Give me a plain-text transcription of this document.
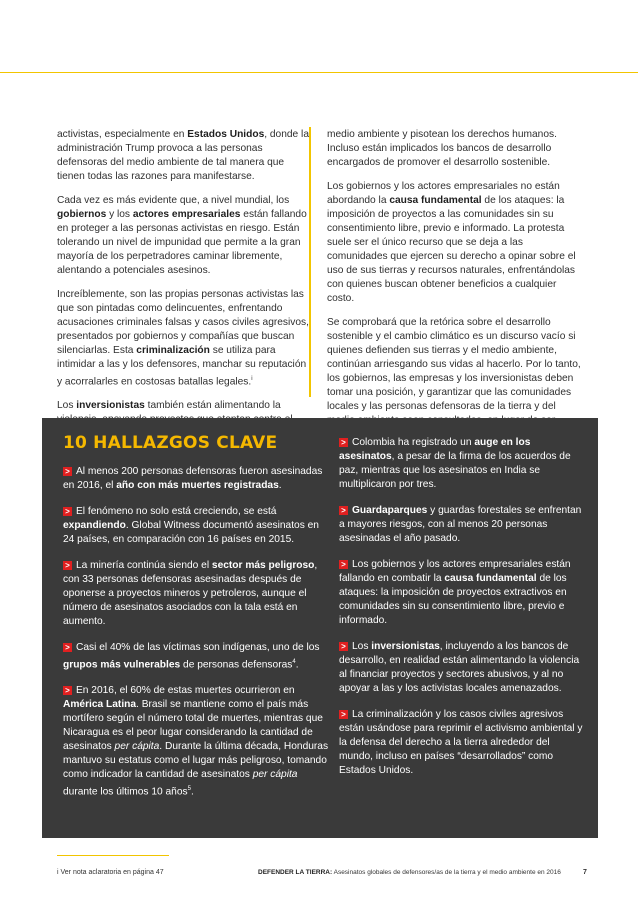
activistas, especialmente en Estados Unidos, donde la administración Trump provoca a las personas defensoras del medio ambiente de tal manera que tienen todas las razones para manifestarse.

Cada vez es más evidente que, a nivel mundial, los gobiernos y los actores empresariales están fallando en proteger a las personas activistas en riesgo. Están tolerando un nivel de impunidad que permite a la gran mayoría de los perpetradores caminar libremente, alentando a potenciales asesinos.

Increíblemente, son las propias personas activistas las que son pintadas como delincuentes, enfrentando acusaciones criminales falsas y casos civiles agresivos, presentados por gobiernos y compañías que buscan silenciarlas. Esta criminalización se utiliza para intimidar a las y los defensores, manchar su reputación y acorralarles en costosas batallas legales.$^i$

Los inversionistas también están alimentando la

medio ambiente y pisotean los derechos humanos. Incluso están implicados los bancos de desarrollo encargados de promover el desarrollo sostenible.

Los gobiernos y los actores empresariales no están abordando la causa fundamental de los ataques: la imposición de proyectos a las comunidades sin su consentimiento libre, previo e informado. La protesta suele ser el único recurso que se deja a las comunidades que ejercen su derecho a opinar sobre el uso de sus tierras y recursos naturales, enfrentándolas con quienes buscan obtener beneficios a cualquier costo.

Se comprobará que la retórica sobre el desarrollo sostenible y el cambio climático es un discurso vacío si quienes defienden sus tierras y el medio ambiente, continúan arriesgando sus vidas al hacerlo. Por lo tanto, los gobiernos, las empresas y los inversionistas deben tomar una posición, y garantizar que las comunidades locales y las personas defensoras de la tierra y del

10 HALLAZGOS CLAVE

> Al menos 200 personas defensoras fueron asesinadas en 2016, el año con más muertes registradas.

> El fenómeno no solo está creciendo, se está expandiendo. Global Witness documentó asesinatos en 24 países, en comparación con 16 países en 2015.

> La minería continúa siendo el sector más peligroso, con 33 personas defensoras asesinadas después de oponerse a proyectos mineros y petroleros, aunque el número de asesinatos asociados con la tala está en aumento.

> Casi el 40% de las víctimas son indígenas, uno de los grupos más vulnerables de personas defensoras$^4$.

> En 2016, el 60% de estas muertes ocurrieron en América Latina. Brasil se mantiene como el país más mortífero según el número total de muertes, mientras que Nicaragua es el peor lugar considerando la cantidad de asesinatos per cápita. Durante la última década, Honduras mantuvo su estatus como el lugar más peligroso, tomando como indicador la cantidad de asesinatos per cápita durante los últimos 10 años$^5$.

> Colombia ha registrado un auge en los asesinatos, a pesar de la firma de los acuerdos de paz, mientras que los asesinatos en India se multiplicaron por tres.

> Guardaparques y guardas forestales se enfrentan a mayores riesgos, con al menos 20 personas asesinadas el año pasado.

> Los gobiernos y los actores empresariales están fallando en combatir la causa fundamental de los ataques: la imposición de proyectos extractivos en comunidades sin su consentimiento libre, previo e informado.

> Los inversionistas, incluyendo a los bancos de desarrollo, en realidad están alimentando la violencia al financiar proyectos y sectores abusivos, y al no apoyar a las y los activistas locales amenazados.

> La criminalización y los casos civiles agresivos están usándose para reprimir el activismo ambiental y la defensa del derecho a la tierra alrededor del mundo, incluso en países “desarrollados” como Estados Unidos.

i Ver nota aclaratoria en página 47	DEFENDER LA TIERRA: Asesinatos globales de defensores/as de la tierra y el medio ambiente en 2016	7
